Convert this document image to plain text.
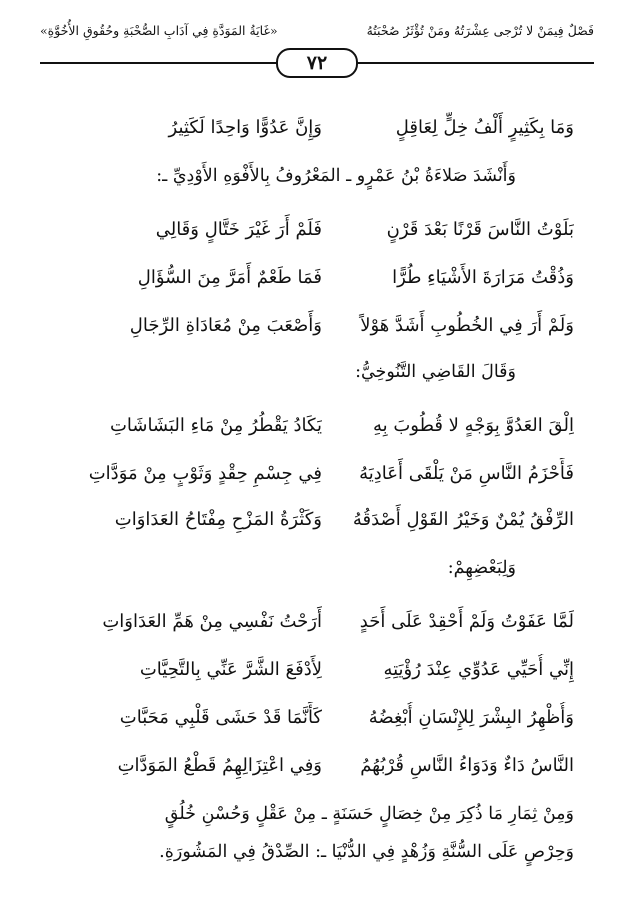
فَصْلٌ فِيمَنْ لا تُرْجى عِشْرَتُهُ ومَنْ تُؤْثَرُ صُحْبَتُهُ
«غَايَةُ المَوَدَّةِ فِي آدَابِ الصُّحْبَةِ وحُقُوقِ الأُخُوَّةِ»
٧٢
وَمَا بِكَثِيرٍ أَلْفُ خِلٍّ لِعَاقِلٍ
وَإِنَّ عَدُوًّا وَاحِدًا لَكَثِيرُ
وَأَنْشَدَ صَلاءَةُ بْنُ عَمْرٍو ـ المَعْرُوفُ بِالأَفْوَهِ الأَوْدِيِّ ـ:
بَلَوْتُ النَّاسَ قَرْنًا بَعْدَ قَرْنٍ
فَلَمْ أَرَ غَيْرَ خَتَّالٍ وَقَالِي
وَذُقْتُ مَرَارَةَ الأَشْيَاءِ طُرًّا
فَمَا طَعْمٌ أَمَرَّ مِنَ السُّؤَالِ
وَلَمْ أَرَ فِي الخُطُوبِ أَشَدَّ هَوْلاً
وَأَصْعَبَ مِنْ مُعَادَاةِ الرِّجَالِ
وَقَالَ القَاضِي التَّنُوخِيُّ:
اِلْقَ العَدُوَّ بِوَجْهٍ لا قُطُوبَ بِهِ
يَكَادُ يَقْطُرُ مِنْ مَاءِ البَشَاشَاتِ
فَأَحْزَمُ النَّاسِ مَنْ يَلْقَى أَعَادِيَهُ
فِي جِسْمِ حِقْدٍ وَثَوْبٍ مِنْ مَوَدَّاتِ
الرِّفْقُ يُمْنٌ وَخَيْرُ القَوْلِ أَصْدَقُهُ
وَكَثْرَةُ المَزْحِ مِفْتَاحُ العَدَاوَاتِ
وَلِبَعْضِهِمْ:
لَمَّا عَفَوْتُ وَلَمْ أَحْقِدْ عَلَى أَحَدٍ
أَرَحْتُ نَفْسِي مِنْ هَمِّ العَدَاوَاتِ
إِنِّي أُحَيِّي عَدُوِّي عِنْدَ رُؤْيَتِهِ
لِأَدْفَعَ الشَّرَّ عَنِّي بِالتَّحِيَّاتِ
وَأُظْهِرُ البِشْرَ لِلإِنْسَانِ أُبْغِضُهُ
كَأَنَّمَا قَدْ حَشَى قَلْبِي مَحَبَّاتِ
النَّاسُ دَاءٌ وَدَوَاءُ النَّاسِ قُرْبُهُمُ
وَفِي اعْتِزَالِهِمُ قَطْعُ المَوَدَّاتِ
وَمِنْ ثِمَارِ مَا ذُكِرَ مِنْ خِصَالٍ حَسَنَةٍ ـ مِنْ عَقْلٍ وَحُسْنِ خُلُقٍ
وَحِرْصٍ عَلَى السُّنَّةِ وَزُهْدٍ فِي الدُّنْيَا ـ: الصِّدْقُ فِي المَشُورَةِ.
